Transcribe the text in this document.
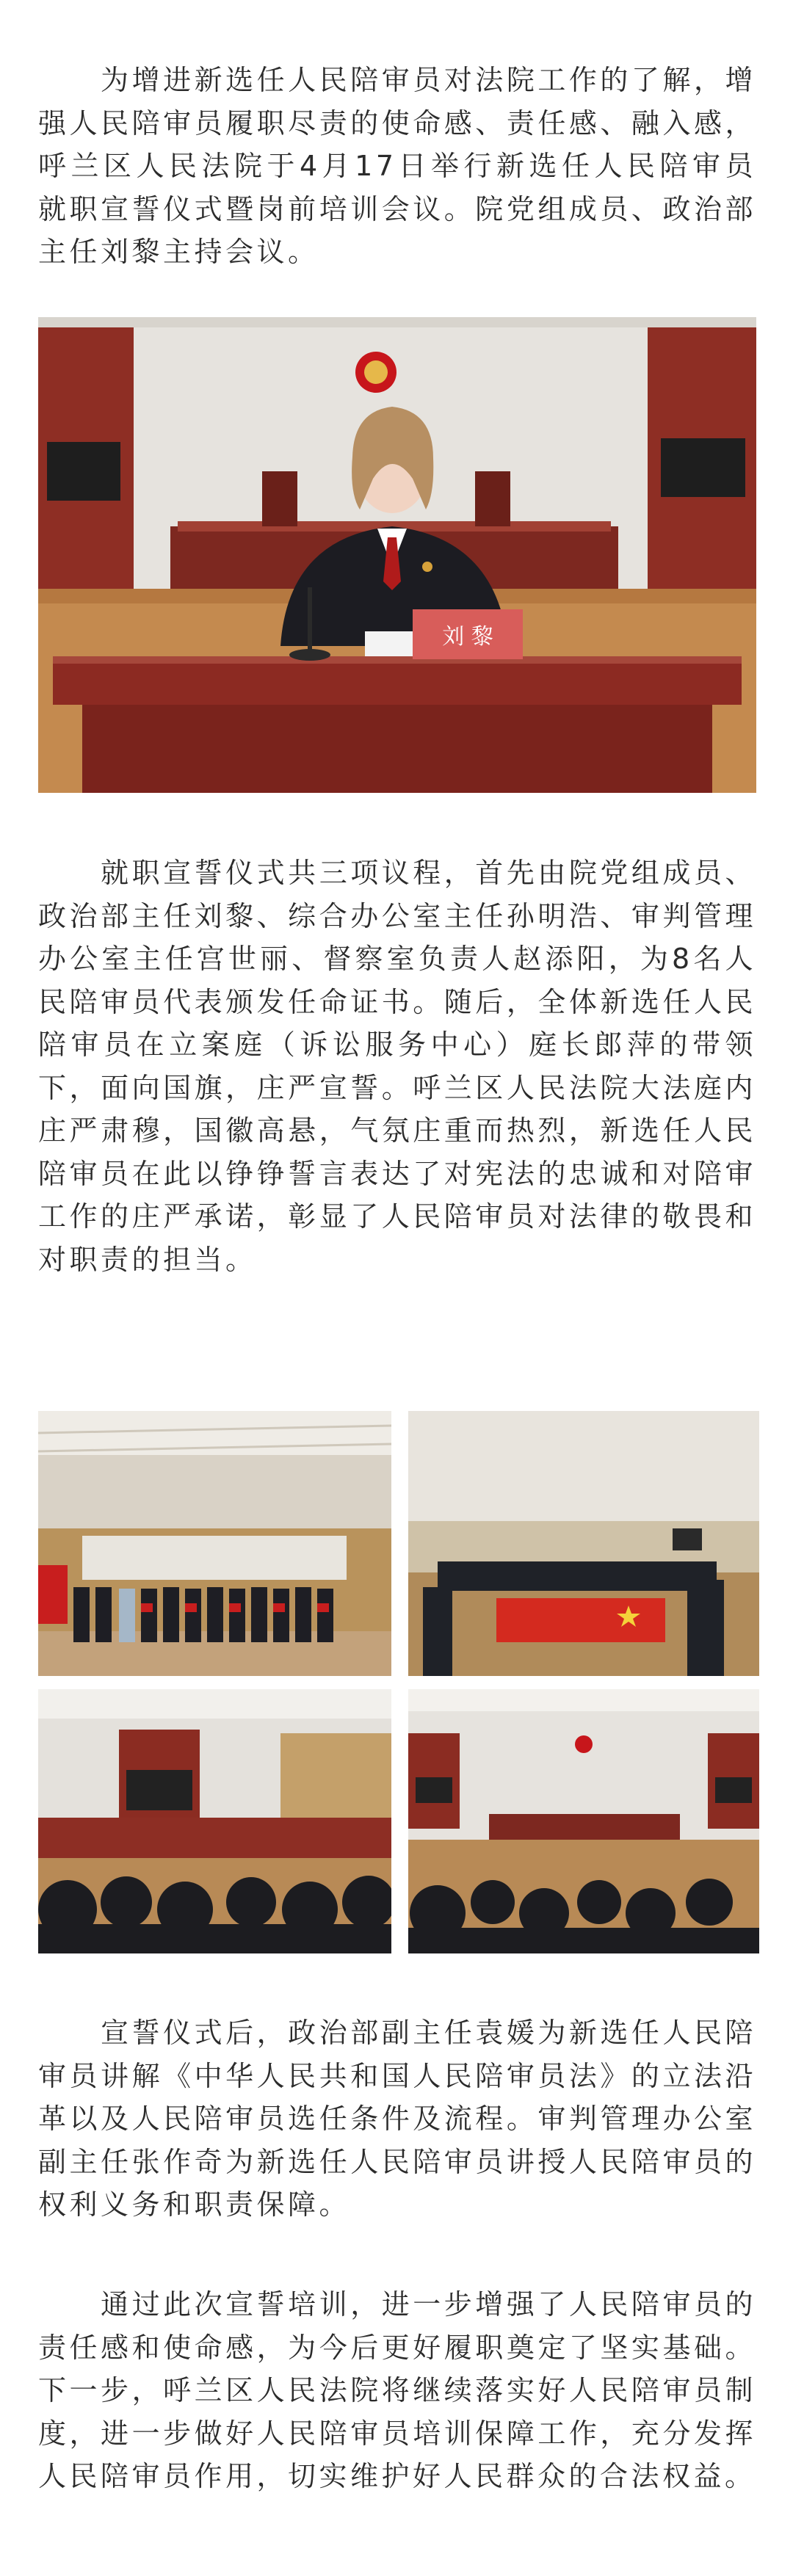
　　为增进新选任人民陪审员对法院工作的了解，增强人民陪审员履职尽责的使命感、责任感、融入感，呼兰区人民法院于4月17日举行新选任人民陪审员就职宣誓仪式暨岗前培训会议。院党组成员、政治部主任刘黎主持会议。

刘 黎

　　就职宣誓仪式共三项议程，首先由院党组成员、政治部主任刘黎、综合办公室主任孙明浩、审判管理办公室主任宫世丽、督察室负责人赵添阳，为8名人民陪审员代表颁发任命证书。随后，全体新选任人民陪审员在立案庭（诉讼服务中心）庭长郎萍的带领下，面向国旗，庄严宣誓。呼兰区人民法院大法庭内庄严肃穆，国徽高悬，气氛庄重而热烈，新选任人民陪审员在此以铮铮誓言表达了对宪法的忠诚和对陪审工作的庄严承诺，彰显了人民陪审员对法律的敬畏和对职责的担当。

　　宣誓仪式后，政治部副主任袁媛为新选任人民陪审员讲解《中华人民共和国人民陪审员法》的立法沿革以及人民陪审员选任条件及流程。审判管理办公室副主任张作奇为新选任人民陪审员讲授人民陪审员的权利义务和职责保障。

　　通过此次宣誓培训，进一步增强了人民陪审员的责任感和使命感，为今后更好履职奠定了坚实基础。下一步，呼兰区人民法院将继续落实好人民陪审员制度，进一步做好人民陪审员培训保障工作，充分发挥人民陪审员作用，切实维护好人民群众的合法权益。
